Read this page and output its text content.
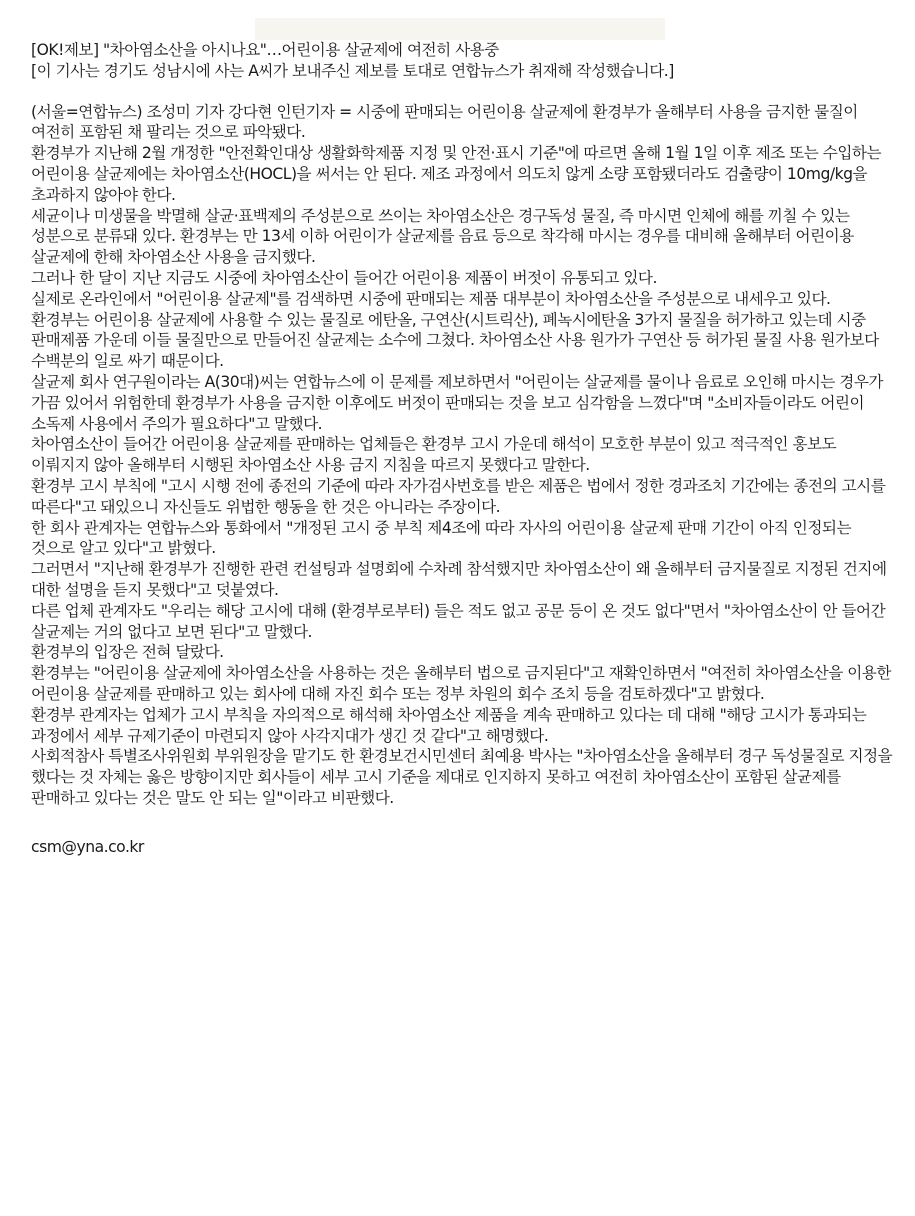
[OK!제보] "차아염소산을 아시나요"…어린이용 살균제에 여전히 사용중

[이 기사는 경기도 성남시에 사는 A씨가 보내주신 제보를 토대로 연합뉴스가 취재해 작성했습니다.]

(서울=연합뉴스) 조성미 기자 강다현 인턴기자 = 시중에 판매되는 어린이용 살균제에 환경부가 올해부터 사용을 금지한 물질이 여전히 포함된 채 팔리는 것으로 파악됐다.

환경부가 지난해 2월 개정한 "안전확인대상 생활화학제품 지정 및 안전·표시 기준"에 따르면 올해 1월 1일 이후 제조 또는 수입하는 어린이용 살균제에는 차아염소산(HOCL)을 써서는 안 된다. 제조 과정에서 의도치 않게 소량 포함됐더라도 검출량이 10mg/kg을 초과하지 않아야 한다.

세균이나 미생물을 박멸해 살균·표백제의 주성분으로 쓰이는 차아염소산은 경구독성 물질, 즉 마시면 인체에 해를 끼칠 수 있는 성분으로 분류돼 있다. 환경부는 만 13세 이하 어린이가 살균제를 음료 등으로 착각해 마시는 경우를 대비해 올해부터 어린이용 살균제에 한해 차아염소산 사용을 금지했다.

그러나 한 달이 지난 지금도 시중에 차아염소산이 들어간 어린이용 제품이 버젓이 유통되고 있다.

실제로 온라인에서 "어린이용 살균제"를 검색하면 시중에 판매되는 제품 대부분이 차아염소산을 주성분으로 내세우고 있다.

환경부는 어린이용 살균제에 사용할 수 있는 물질로 에탄올, 구연산(시트릭산), 폐녹시에탄올 3가지 물질을 허가하고 있는데 시중 판매제품 가운데 이들 물질만으로 만들어진 살균제는 소수에 그쳤다. 차아염소산 사용 원가가 구연산 등 허가된 물질 사용 원가보다 수백분의 일로 싸기 때문이다.

살균제 회사 연구원이라는 A(30대)씨는 연합뉴스에 이 문제를 제보하면서 "어린이는 살균제를 물이나 음료로 오인해 마시는 경우가 가끔 있어서 위험한데 환경부가 사용을 금지한 이후에도 버젓이 판매되는 것을 보고 심각함을 느꼈다"며 "소비자들이라도 어린이 소독제 사용에서 주의가 필요하다"고 말했다.

차아염소산이 들어간 어린이용 살균제를 판매하는 업체들은 환경부 고시 가운데 해석이 모호한 부분이 있고 적극적인 홍보도 이뤄지지 않아 올해부터 시행된 차아염소산 사용 금지 지침을 따르지 못했다고 말한다.

환경부 고시 부칙에 "고시 시행 전에 종전의 기준에 따라 자가검사번호를 받은 제품은 법에서 정한 경과조치 기간에는 종전의 고시를 따른다"고 돼있으니 자신들도 위법한 행동을 한 것은 아니라는 주장이다.

한 회사 관계자는 연합뉴스와 통화에서 "개정된 고시 중 부칙 제4조에 따라 자사의 어린이용 살균제 판매 기간이 아직 인정되는 것으로 알고 있다"고 밝혔다.

그러면서 "지난해 환경부가 진행한 관련 컨설팅과 설명회에 수차례 참석했지만 차아염소산이 왜 올해부터 금지물질로 지정된 건지에 대한 설명을 듣지 못했다"고 덧붙였다.

다른 업체 관계자도 "우리는 해당 고시에 대해 (환경부로부터) 들은 적도 없고 공문 등이 온 것도 없다"면서 "차아염소산이 안 들어간 살균제는 거의 없다고 보면 된다"고 말했다.

환경부의 입장은 전혀 달랐다.

환경부는 "어린이용 살균제에 차아염소산을 사용하는 것은 올해부터 법으로 금지된다"고 재확인하면서 "여전히 차아염소산을 이용한 어린이용 살균제를 판매하고 있는 회사에 대해 자진 회수 또는 정부 차원의 회수 조치 등을 검토하겠다"고 밝혔다.

환경부 관계자는 업체가 고시 부칙을 자의적으로 해석해 차아염소산 제품을 계속 판매하고 있다는 데 대해 "해당 고시가 통과되는 과정에서 세부 규제기준이 마련되지 않아 사각지대가 생긴 것 같다"고 해명했다.

사회적참사 특별조사위원회 부위원장을 맡기도 한 환경보건시민센터 최예용 박사는 "차아염소산을 올해부터 경구 독성물질로 지정을 했다는 것 자체는 옳은 방향이지만 회사들이 세부 고시 기준을 제대로 인지하지 못하고 여전히 차아염소산이 포함된 살균제를 판매하고 있다는 것은 말도 안 되는 일"이라고 비판했다.

csm@yna.co.kr
